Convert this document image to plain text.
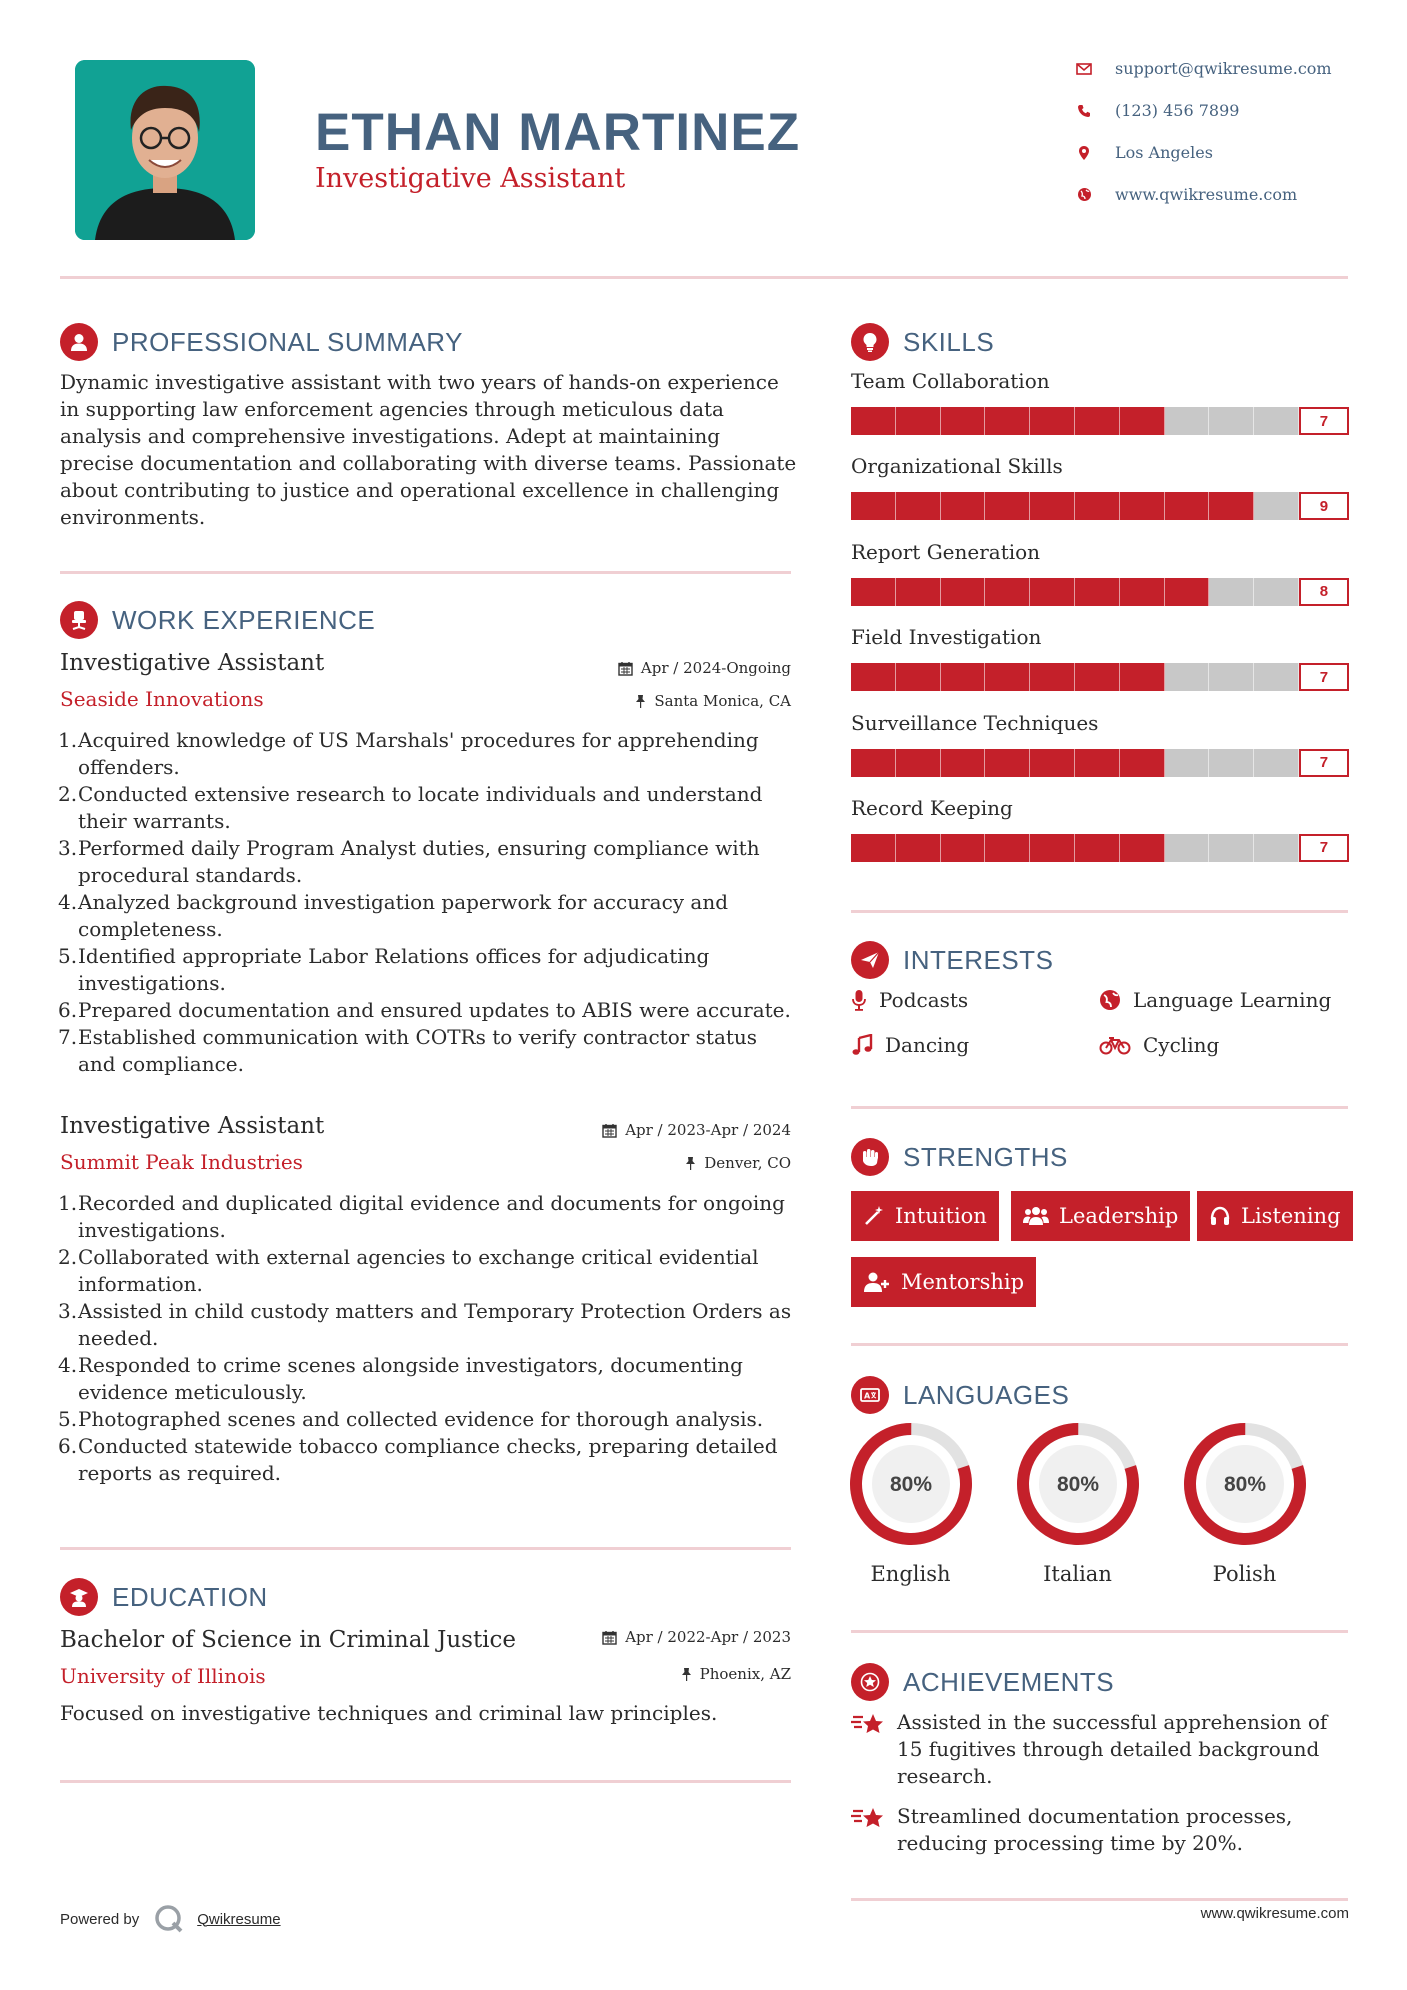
ETHAN MARTINEZ
Investigative Assistant
support@qwikresume.com
(123) 456 7899
Los Angeles
www.qwikresume.com
PROFESSIONAL SUMMARY
Dynamic investigative assistant with two years of hands-on experience in supporting law enforcement agencies through meticulous data analysis and comprehensive investigations. Adept at maintaining precise documentation and collaborating with diverse teams. Passionate about contributing to justice and operational excellence in challenging environments.
WORK EXPERIENCE
Investigative Assistant
Seaside Innovations
Apr / 2024-Ongoing
Santa Monica, CA
1. Acquired knowledge of US Marshals' procedures for apprehending offenders.
2. Conducted extensive research to locate individuals and understand their warrants.
3. Performed daily Program Analyst duties, ensuring compliance with procedural standards.
4. Analyzed background investigation paperwork for accuracy and completeness.
5. Identified appropriate Labor Relations offices for adjudicating investigations.
6. Prepared documentation and ensured updates to ABIS were accurate.
7. Established communication with COTRs to verify contractor status and compliance.
Investigative Assistant
Summit Peak Industries
Apr / 2023-Apr / 2024
Denver, CO
1. Recorded and duplicated digital evidence and documents for ongoing investigations.
2. Collaborated with external agencies to exchange critical evidential information.
3. Assisted in child custody matters and Temporary Protection Orders as needed.
4. Responded to crime scenes alongside investigators, documenting evidence meticulously.
5. Photographed scenes and collected evidence for thorough analysis.
6. Conducted statewide tobacco compliance checks, preparing detailed reports as required.
EDUCATION
Bachelor of Science in Criminal Justice
University of Illinois
Apr / 2022-Apr / 2023
Phoenix, AZ
Focused on investigative techniques and criminal law principles.
SKILLS
Team Collaboration
7
Organizational Skills
9
Report Generation
8
Field Investigation
7
Surveillance Techniques
7
Record Keeping
7
INTERESTS
Podcasts	Language Learning
Dancing	Cycling
STRENGTHS
Intuition	Leadership	Listening
Mentorship
A LANGUAGES
80%
English
80%
Italian
80%
Polish
ACHIEVEMENTS
Assisted in the successful apprehension of 15 fugitives through detailed background research.
Streamlined documentation processes, reducing processing time by 20%.
Powered by	Qwikresume	www.qwikresume.com
